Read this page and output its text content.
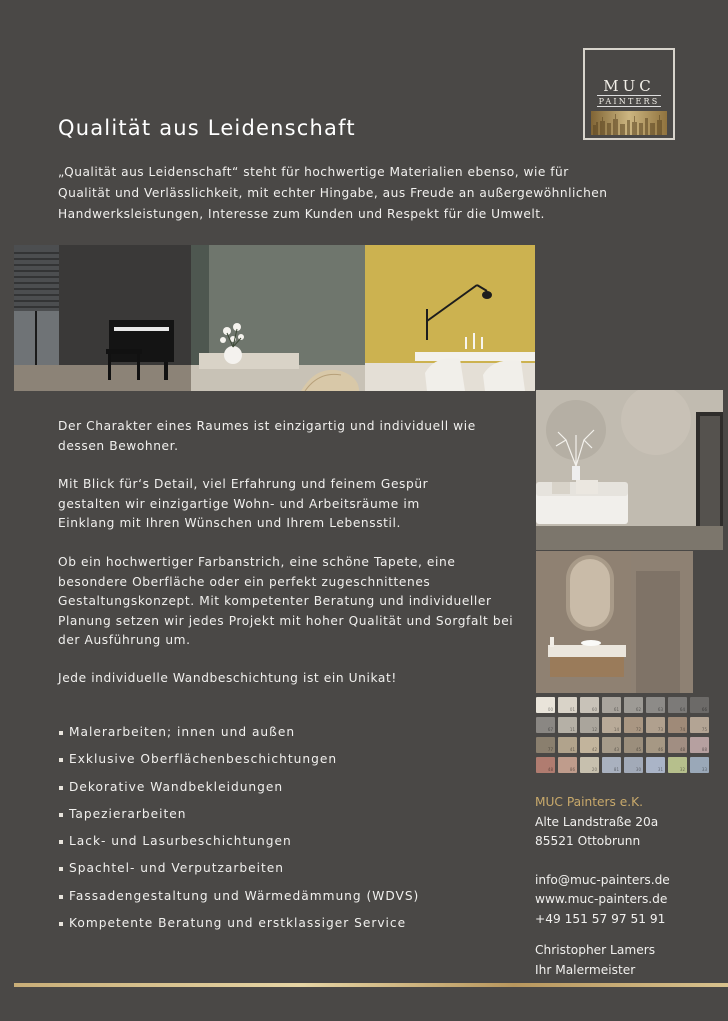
MUC
PAINTERS
Qualität aus Leidenschaft

„Qualität aus Leidenschaft“ steht für hochwertige Materialien ebenso, wie für Qualität und Verlässlichkeit, mit echter Hingabe, aus Freude an außergewöhnlichen Handwerksleistungen, Interesse zum Kunden und Respekt für die Umwelt.

Der Charakter eines Raumes ist einzigartig und individuell wie dessen Bewohner.

Mit Blick für‘s Detail, viel Erfahrung und feinem Gespür gestalten wir einzigartige Wohn- und Arbeitsräume im Einklang mit Ihren Wünschen und Ihrem Lebensstil.

Ob ein hochwertiger Farbanstrich, eine schöne Tapete, eine besondere Oberfläche oder ein perfekt zugeschnittenes Gestaltungskonzept. Mit kompetenter Beratung und individueller Planung setzen wir jedes Projekt mit hoher Qualität und Sorgfalt bei der Ausführung um.

Jede individuelle Wandbeschichtung ist ein Unikat!

Malerarbeiten; innen und außen
Exklusive Oberflächenbeschichtungen
Dekorative Wandbekleidungen
Tapezierarbeiten
Lack- und Lasurbeschichtungen
Spachtel- und Verputzarbeiten
Fassadengestaltung und Wärmedämmung (WDVS)
Kompetente Beratung und erstklassiger Service
00	01	60	61	62	63	64	66
67	11	12	14	72	73	74	75
77	41	42	43	45	46	48	88
48	86	20	81	30	31	32	33

MUC Painters e.K.

Alte Landstraße 20a

85521 Ottobrunn

info@muc-painters.de

www.muc-painters.de

+49 151 57 97 51 91

Christopher Lamers

Ihr Malermeister
